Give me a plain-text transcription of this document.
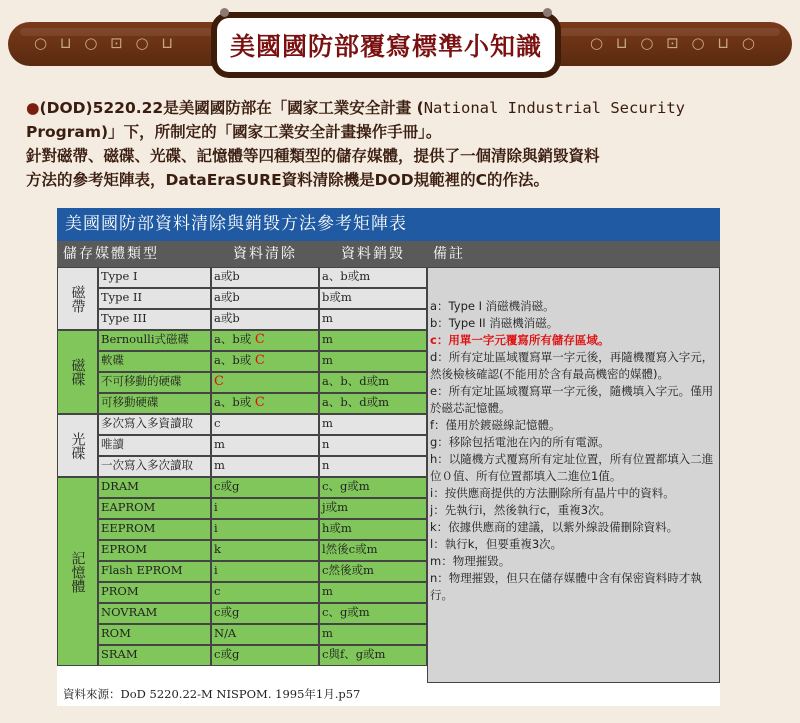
○ ⊔ ○ ⊡ ○ ⊔	○ ⊔ ○ ⊡ ○ ⊔ ○
美國國防部覆寫標準小知識
●(DOD)5220.22是美國國防部在「國家工業安全計畫 (National Industrial Security
Program)」下，所制定的「國家工業安全計畫操作手冊」。
針對磁帶、磁碟、光碟、記憶體等四種類型的儲存媒體，提供了一個清除與銷毀資料
方法的參考矩陣表，DataEraSURE資料清除機是DOD規範裡的C的作法。
美國國防部資料清除與銷毀方法參考矩陣表
儲存媒體類型	資料清除	資料銷毀	備註
磁帶
Type I	a或b	a、b或m
Type II	a或b	b或m
Type III	a或b	m
磁碟
Bernoulli式磁碟	a、b或 C	m
軟碟	a、b或 C	m
不可移動的硬碟	C	a、b、d或m
可移動硬碟	a、b或 C	a、b、d或m
光碟
多次寫入多資讀取	c	m
唯讀	m	n
一次寫入多次讀取	m	n
記憶體
DRAM	c或g	c、g或m
EAPROM	i	j或m
EEPROM	i	h或m
EPROM	k	l然後c或m
Flash EPROM	i	c然後或m
PROM	c	m
NOVRAM	c或g	c、g或m
ROM	N/A	m
SRAM	c或g	c與f、g或m
a：Type I 消磁機消磁。
b：Type II 消磁機消磁。
c：用單一字元覆寫所有儲存區域。
d：所有定址區域覆寫單一字元後，再隨機覆寫入字元，然後檢核確認(不能用於含有最高機密的媒體)。
e：所有定址區域覆寫單一字元後，隨機填入字元。僅用於磁芯記憶體。
f：僅用於鍍磁線記憶體。
g：移除包括電池在內的所有電源。
h：以隨機方式覆寫所有定址位置，所有位置都填入二進位０值、所有位置都填入二進位1值。
i：按供應商提供的方法刪除所有晶片中的資料。
j：先執行i，然後執行c，重複3次。
k：依據供應商的建議，以紫外線設備刪除資料。
l：執行k，但要重複3次。
m：物理摧毀。
n：物理摧毀，但只在儲存媒體中含有保密資料時才執行。
資料來源：DoD 5220.22-M NISPOM. 1995年1月.p57
